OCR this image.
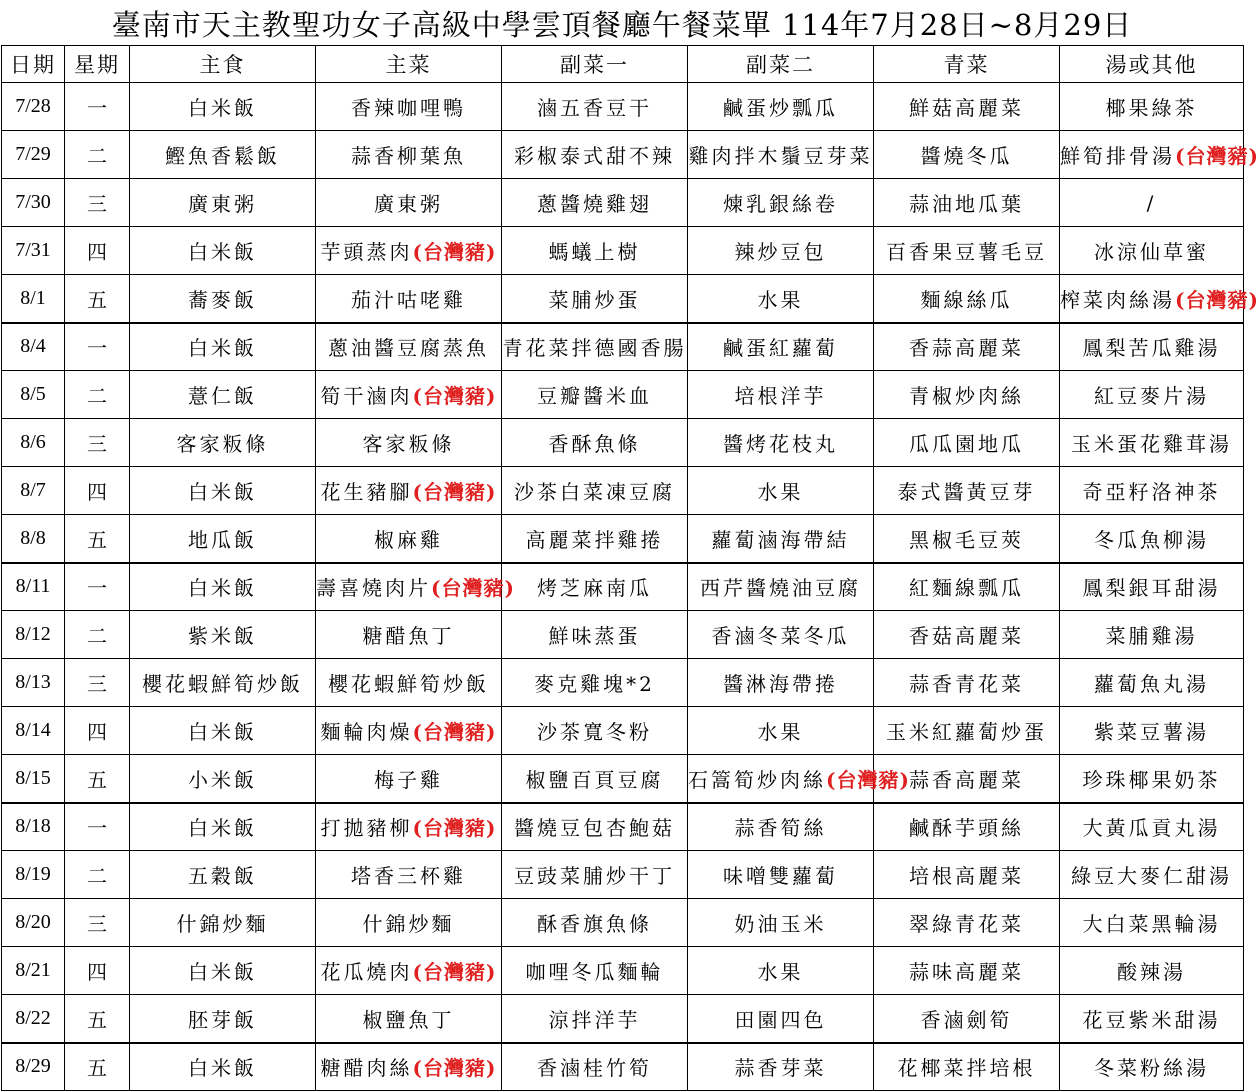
臺南市天主教聖功女子高級中學雲頂餐廳午餐菜單 114年7月28日~8月29日
日期	星期	主食	主菜	副菜一	副菜二	青菜	湯或其他
7/28	一	白米飯	香辣咖哩鴨	滷五香豆干	鹹蛋炒瓢瓜	鮮菇高麗菜	椰果綠茶
7/29	二	鰹魚香鬆飯	蒜香柳葉魚	彩椒泰式甜不辣	雞肉拌木鬚豆芽菜	醬燒冬瓜	鮮筍排骨湯(台灣豬)
7/30	三	廣東粥	廣東粥	蔥醬燒雞翅	煉乳銀絲卷	蒜油地瓜葉	/
7/31	四	白米飯	芋頭蒸肉(台灣豬)	螞蟻上樹	辣炒豆包	百香果豆薯毛豆	冰涼仙草蜜
8/1	五	蕎麥飯	茄汁咕咾雞	菜脯炒蛋	水果	麵線絲瓜	榨菜肉絲湯(台灣豬)
8/4	一	白米飯	蔥油醬豆腐蒸魚	青花菜拌德國香腸	鹹蛋紅蘿蔔	香蒜高麗菜	鳳梨苦瓜雞湯
8/5	二	薏仁飯	筍干滷肉(台灣豬)	豆瓣醬米血	培根洋芋	青椒炒肉絲	紅豆麥片湯
8/6	三	客家粄條	客家粄條	香酥魚條	醬烤花枝丸	瓜瓜園地瓜	玉米蛋花雞茸湯
8/7	四	白米飯	花生豬腳(台灣豬)	沙茶白菜凍豆腐	水果	泰式醬黃豆芽	奇亞籽洛神茶
8/8	五	地瓜飯	椒麻雞	高麗菜拌雞捲	蘿蔔滷海帶結	黑椒毛豆莢	冬瓜魚柳湯
8/11	一	白米飯	壽喜燒肉片(台灣豬)	烤芝麻南瓜	西芹醬燒油豆腐	紅麵線瓢瓜	鳳梨銀耳甜湯
8/12	二	紫米飯	糖醋魚丁	鮮味蒸蛋	香滷冬菜冬瓜	香菇高麗菜	菜脯雞湯
8/13	三	櫻花蝦鮮筍炒飯	櫻花蝦鮮筍炒飯	麥克雞塊*2	醬淋海帶捲	蒜香青花菜	蘿蔔魚丸湯
8/14	四	白米飯	麵輪肉燥(台灣豬)	沙茶寬冬粉	水果	玉米紅蘿蔔炒蛋	紫菜豆薯湯
8/15	五	小米飯	梅子雞	椒鹽百頁豆腐	石篙筍炒肉絲(台灣豬)	蒜香高麗菜	珍珠椰果奶茶
8/18	一	白米飯	打拋豬柳(台灣豬)	醬燒豆包杏鮑菇	蒜香筍絲	鹹酥芋頭絲	大黃瓜貢丸湯
8/19	二	五穀飯	塔香三杯雞	豆豉菜脯炒干丁	味噌雙蘿蔔	培根高麗菜	綠豆大麥仁甜湯
8/20	三	什錦炒麵	什錦炒麵	酥香旗魚條	奶油玉米	翠綠青花菜	大白菜黑輪湯
8/21	四	白米飯	花瓜燒肉(台灣豬)	咖哩冬瓜麵輪	水果	蒜味高麗菜	酸辣湯
8/22	五	胚芽飯	椒鹽魚丁	涼拌洋芋	田園四色	香滷劍筍	花豆紫米甜湯
8/29	五	白米飯	糖醋肉絲(台灣豬)	香滷桂竹筍	蒜香芽菜	花椰菜拌培根	冬菜粉絲湯
